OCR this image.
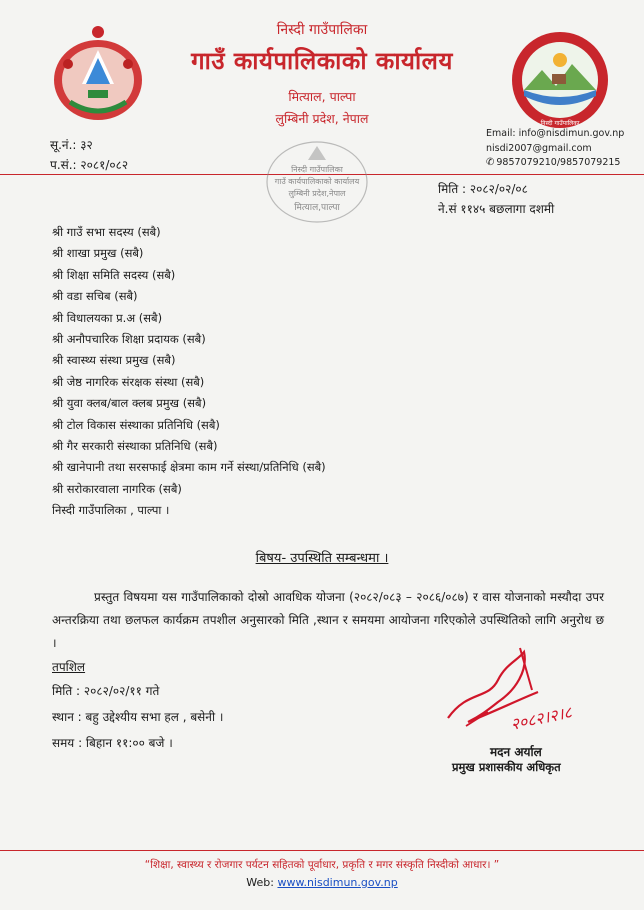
निस्दी गाउँपालिका
निस्दी गाउँपालिका
गाउँ कार्यपालिकाको कार्यालय
मित्याल, पाल्पा
लुम्बिनी प्रदेश, नेपाल
Email: info@nisdimun.gov.np
nisdi2007@gmail.com
✆ 9857079210/9857079215
सू.नं.: ३२
प.सं.: २०८१/०८२	निस्दी गाउँपालिका
गाउँ कार्यपालिकाको कार्यालय
लुम्बिनी प्रदेश,नेपाल
मित्याल,पाल्पा
मिति : २०८२/०२/०८
ने.सं ११४५ बछलागा दशमी
श्री गाउँ सभा सदस्य (सबै)
श्री शाखा प्रमुख (सबै)
श्री शिक्षा समिति सदस्य (सबै)
श्री वडा सचिब (सबै)
श्री विधालयका प्र.अ (सबै)
श्री अनौपचारिक शिक्षा प्रदायक (सबै)
श्री स्वास्थ्य संस्था प्रमुख (सबै)
श्री जेष्ठ नागरिक संरक्षक संस्था (सबै)
श्री युवा क्लब/बाल क्लब प्रमुख (सबै)
श्री टोल विकास संस्थाका प्रतिनिधि (सबै)
श्री गैर सरकारी संस्थाका प्रतिनिधि (सबै)
श्री खानेपानी तथा सरसफाई क्षेत्रमा काम गर्ने संस्था/प्रतिनिधि (सबै)
श्री सरोकारवाला नागरिक (सबै)
निस्दी गाउँपालिका , पाल्पा ।
बिषय- उपस्थिति सम्बन्धमा ।
प्रस्तुत विषयमा यस गाउँपालिकाको दोस्रो आवधिक योजना (२०८२/०८३ – २०८६/०८७) र वास योजनाको मस्यौदा उपर अन्तरक्रिया तथा छलफल कार्यक्रम तपशील अनुसारको मिति ,स्थान र समयमा आयोजना गरिएकोले उपस्थितिको लागि अनुरोध छ ।
तपशिल
मिति : २०८२/०२/११ गते
स्थान : बहु उद्देश्यीय सभा हल , बसेनी ।
समय : बिहान ११:०० बजे ।
२०८२।२।८
मदन अर्याल
प्रमुख प्रशासकीय अधिकृत
“शिक्षा, स्वास्थ्य र रोजगार पर्यटन सहितको पूर्वाधार, प्रकृति र मगर संस्कृति निस्दीको आधार। ”
Web: www.nisdimun.gov.np
